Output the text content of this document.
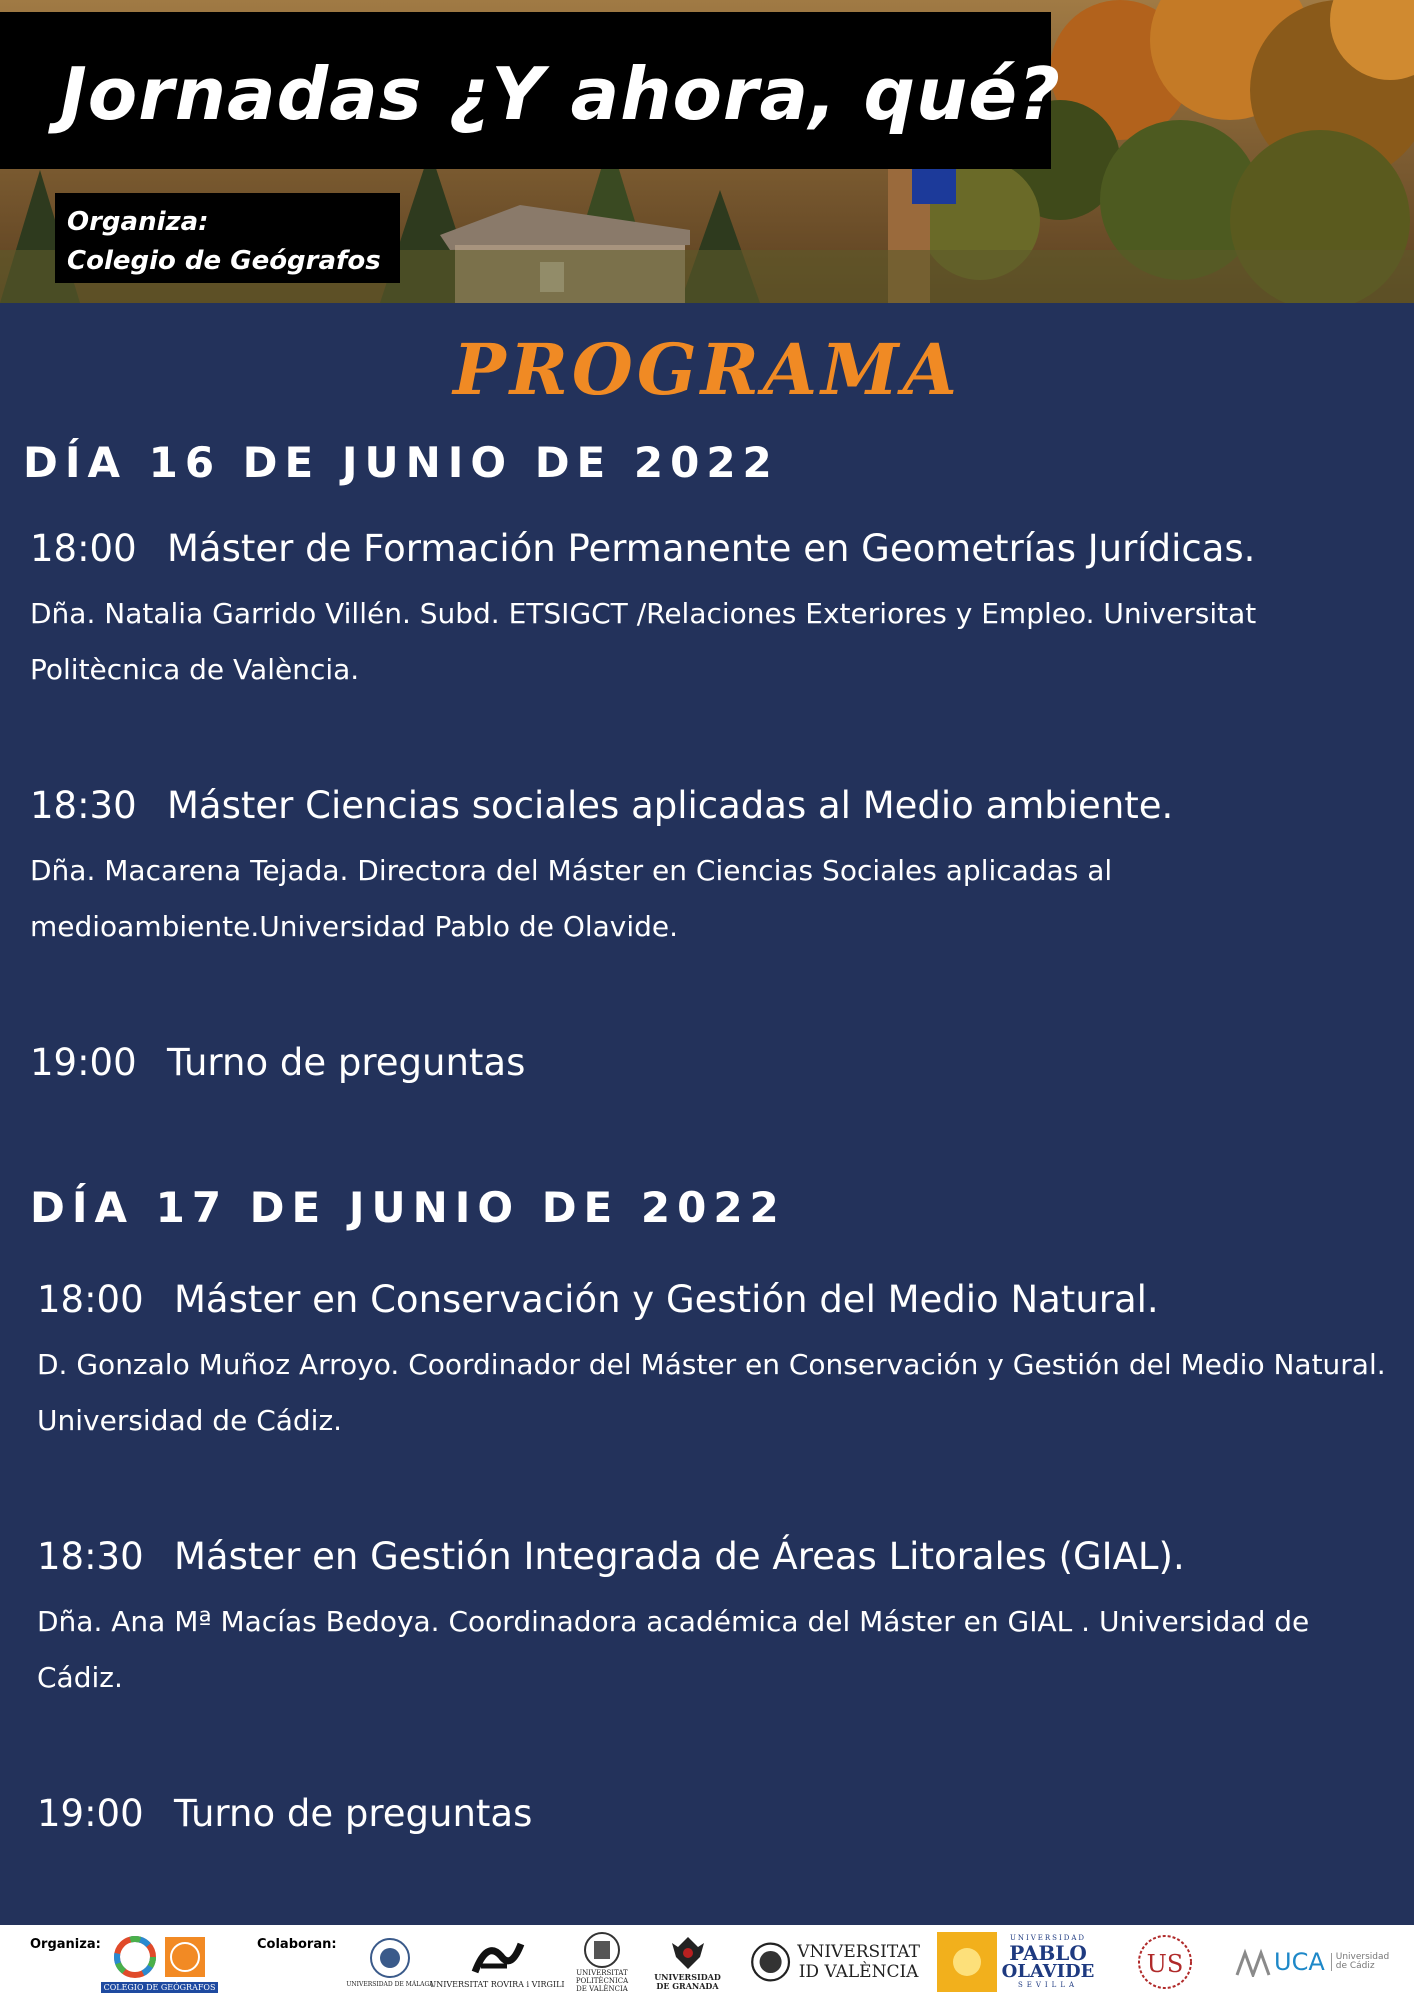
Jornadas ¿Y ahora, qué?
Organiza:
Colegio de Geógrafos
PROGRAMA
DÍA 16 DE JUNIO DE 2022
18:00 Máster de Formación Permanente en Geometrías Jurídicas.
Dña. Natalia Garrido Villén. Subd. ETSIGCT /Relaciones Exteriores y Empleo. Universitat Politècnica de València.
18:30 Máster Ciencias sociales aplicadas al Medio ambiente.
Dña. Macarena Tejada. Directora del Máster en Ciencias Sociales aplicadas al medioambiente.Universidad Pablo de Olavide.
19:00 Turno de preguntas
DÍA 17 DE JUNIO DE 2022
18:00 Máster en Conservación y Gestión del Medio Natural.
D. Gonzalo Muñoz Arroyo. Coordinador del Máster en Conservación y Gestión del Medio Natural. Universidad de Cádiz.
18:30 Máster en Gestión Integrada de Áreas Litorales (GIAL).
Dña. Ana Mª Macías Bedoya. Coordinadora académica del Máster en GIAL . Universidad de Cádiz.
19:00 Turno de preguntas
Organiza:
COLEGIO DE GEÓGRAFOS
Colaboran:
UNIVERSIDAD DE MÁLAGA
UNIVERSITAT ROVIRA i VIRGILI
UNIVERSITAT POLITÈCNICA DE VALÈNCIA
UNIVERSIDAD DE GRANADA
VNIVERSITAT
ID VALÈNCIA
UNIVERSIDAD
PABLO
OLAVIDE
SEVILLA
US	UCA	Universidad de Cádiz
